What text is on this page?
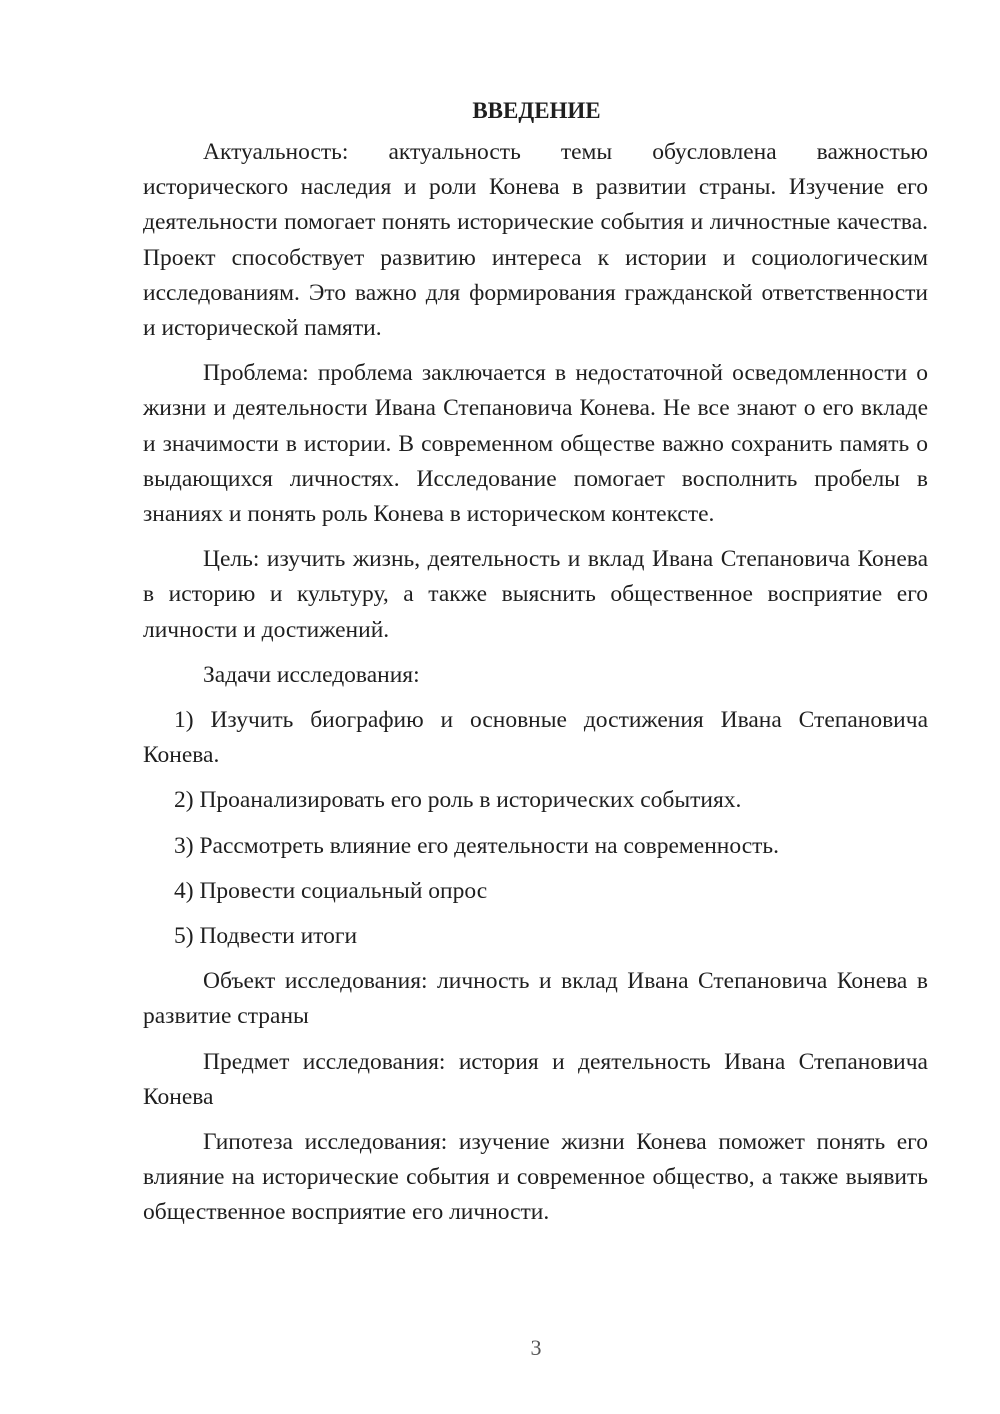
ВВЕДЕНИЕ

Актуальность: актуальность темы обусловлена важностью исторического наследия и роли Конева в развитии страны. Изучение его деятельности помогает понять исторические события и личностные качества. Проект способствует развитию интереса к истории и социологическим исследованиям. Это важно для формирования гражданской ответственности и исторической памяти.

Проблема: проблема заключается в недостаточной осведомленности о жизни и деятельности Ивана Степановича Конева. Не все знают о его вкладе и значимости в истории. В современном обществе важно сохранить память о выдающихся личностях. Исследование помогает восполнить пробелы в знаниях и понять роль Конева в историческом контексте.

Цель: изучить жизнь, деятельность и вклад Ивана Степановича Конева в историю и культуру, а также выяснить общественное восприятие его личности и достижений.

Задачи исследования:

1) Изучить биографию и основные достижения Ивана Степановича Конева.

2) Проанализировать его роль в исторических событиях.

3) Рассмотреть влияние его деятельности на современность.

4) Провести социальный опрос

5) Подвести итоги

Объект исследования: личность и вклад Ивана Степановича Конева в развитие страны

Предмет исследования: история и деятельность Ивана Степановича Конева

Гипотеза исследования: изучение жизни Конева поможет понять его влияние на исторические события и современное общество, а также выявить общественное восприятие его личности.

3
